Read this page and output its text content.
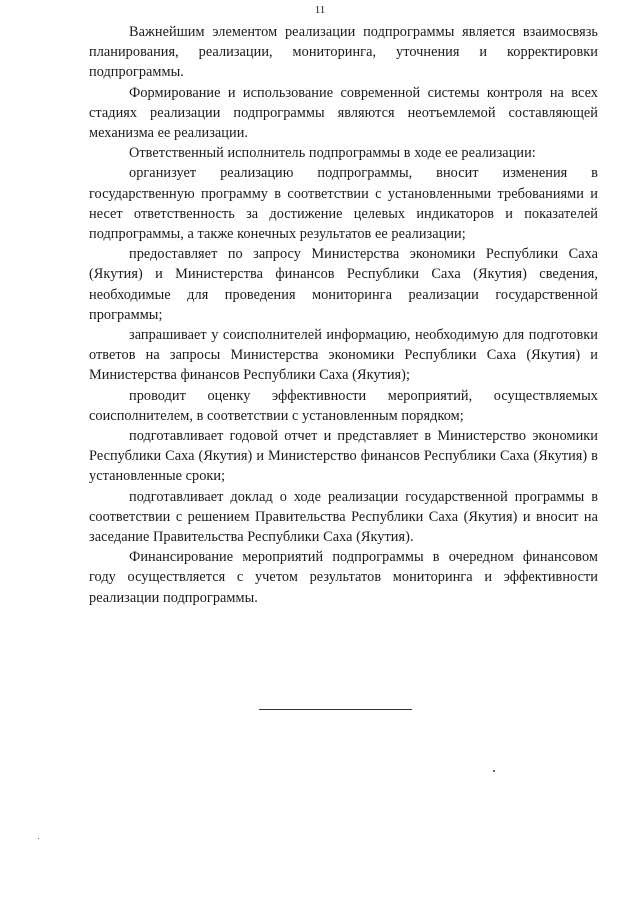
11

Важнейшим элементом реализации подпрограммы является взаимосвязь планирования, реализации, мониторинга, уточнения и корректировки подпрограммы.

Формирование и использование современной системы контроля на всех стадиях реализации подпрограммы являются неотъемлемой составляющей механизма ее реализации.

Ответственный исполнитель подпрограммы в ходе ее реализации:

организует реализацию подпрограммы, вносит изменения в государственную программу в соответствии с установленными требованиями и несет ответственность за достижение целевых индикаторов и показателей подпрограммы, а также конечных результатов ее реализации;

предоставляет по запросу Министерства экономики Республики Саха (Якутия) и Министерства финансов Республики Саха (Якутия) сведения, необходимые для проведения мониторинга реализации государственной программы;

запрашивает у соисполнителей информацию, необходимую для подготовки ответов на запросы Министерства экономики Республики Саха (Якутия) и Министерства финансов Республики Саха (Якутия);

проводит оценку эффективности мероприятий, осуществляемых соисполнителем, в соответствии с установленным порядком;

подготавливает годовой отчет и представляет в Министерство экономики Республики Саха (Якутия) и Министерство финансов Республики Саха (Якутия) в установленные сроки;

подготавливает доклад о ходе реализации государственной программы в соответствии с решением Правительства Республики Саха (Якутия) и вносит на заседание Правительства Республики Саха (Якутия).

Финансирование мероприятий подпрограммы в очередном финансовом году осуществляется с учетом результатов мониторинга и эффективности реализации подпрограммы.
